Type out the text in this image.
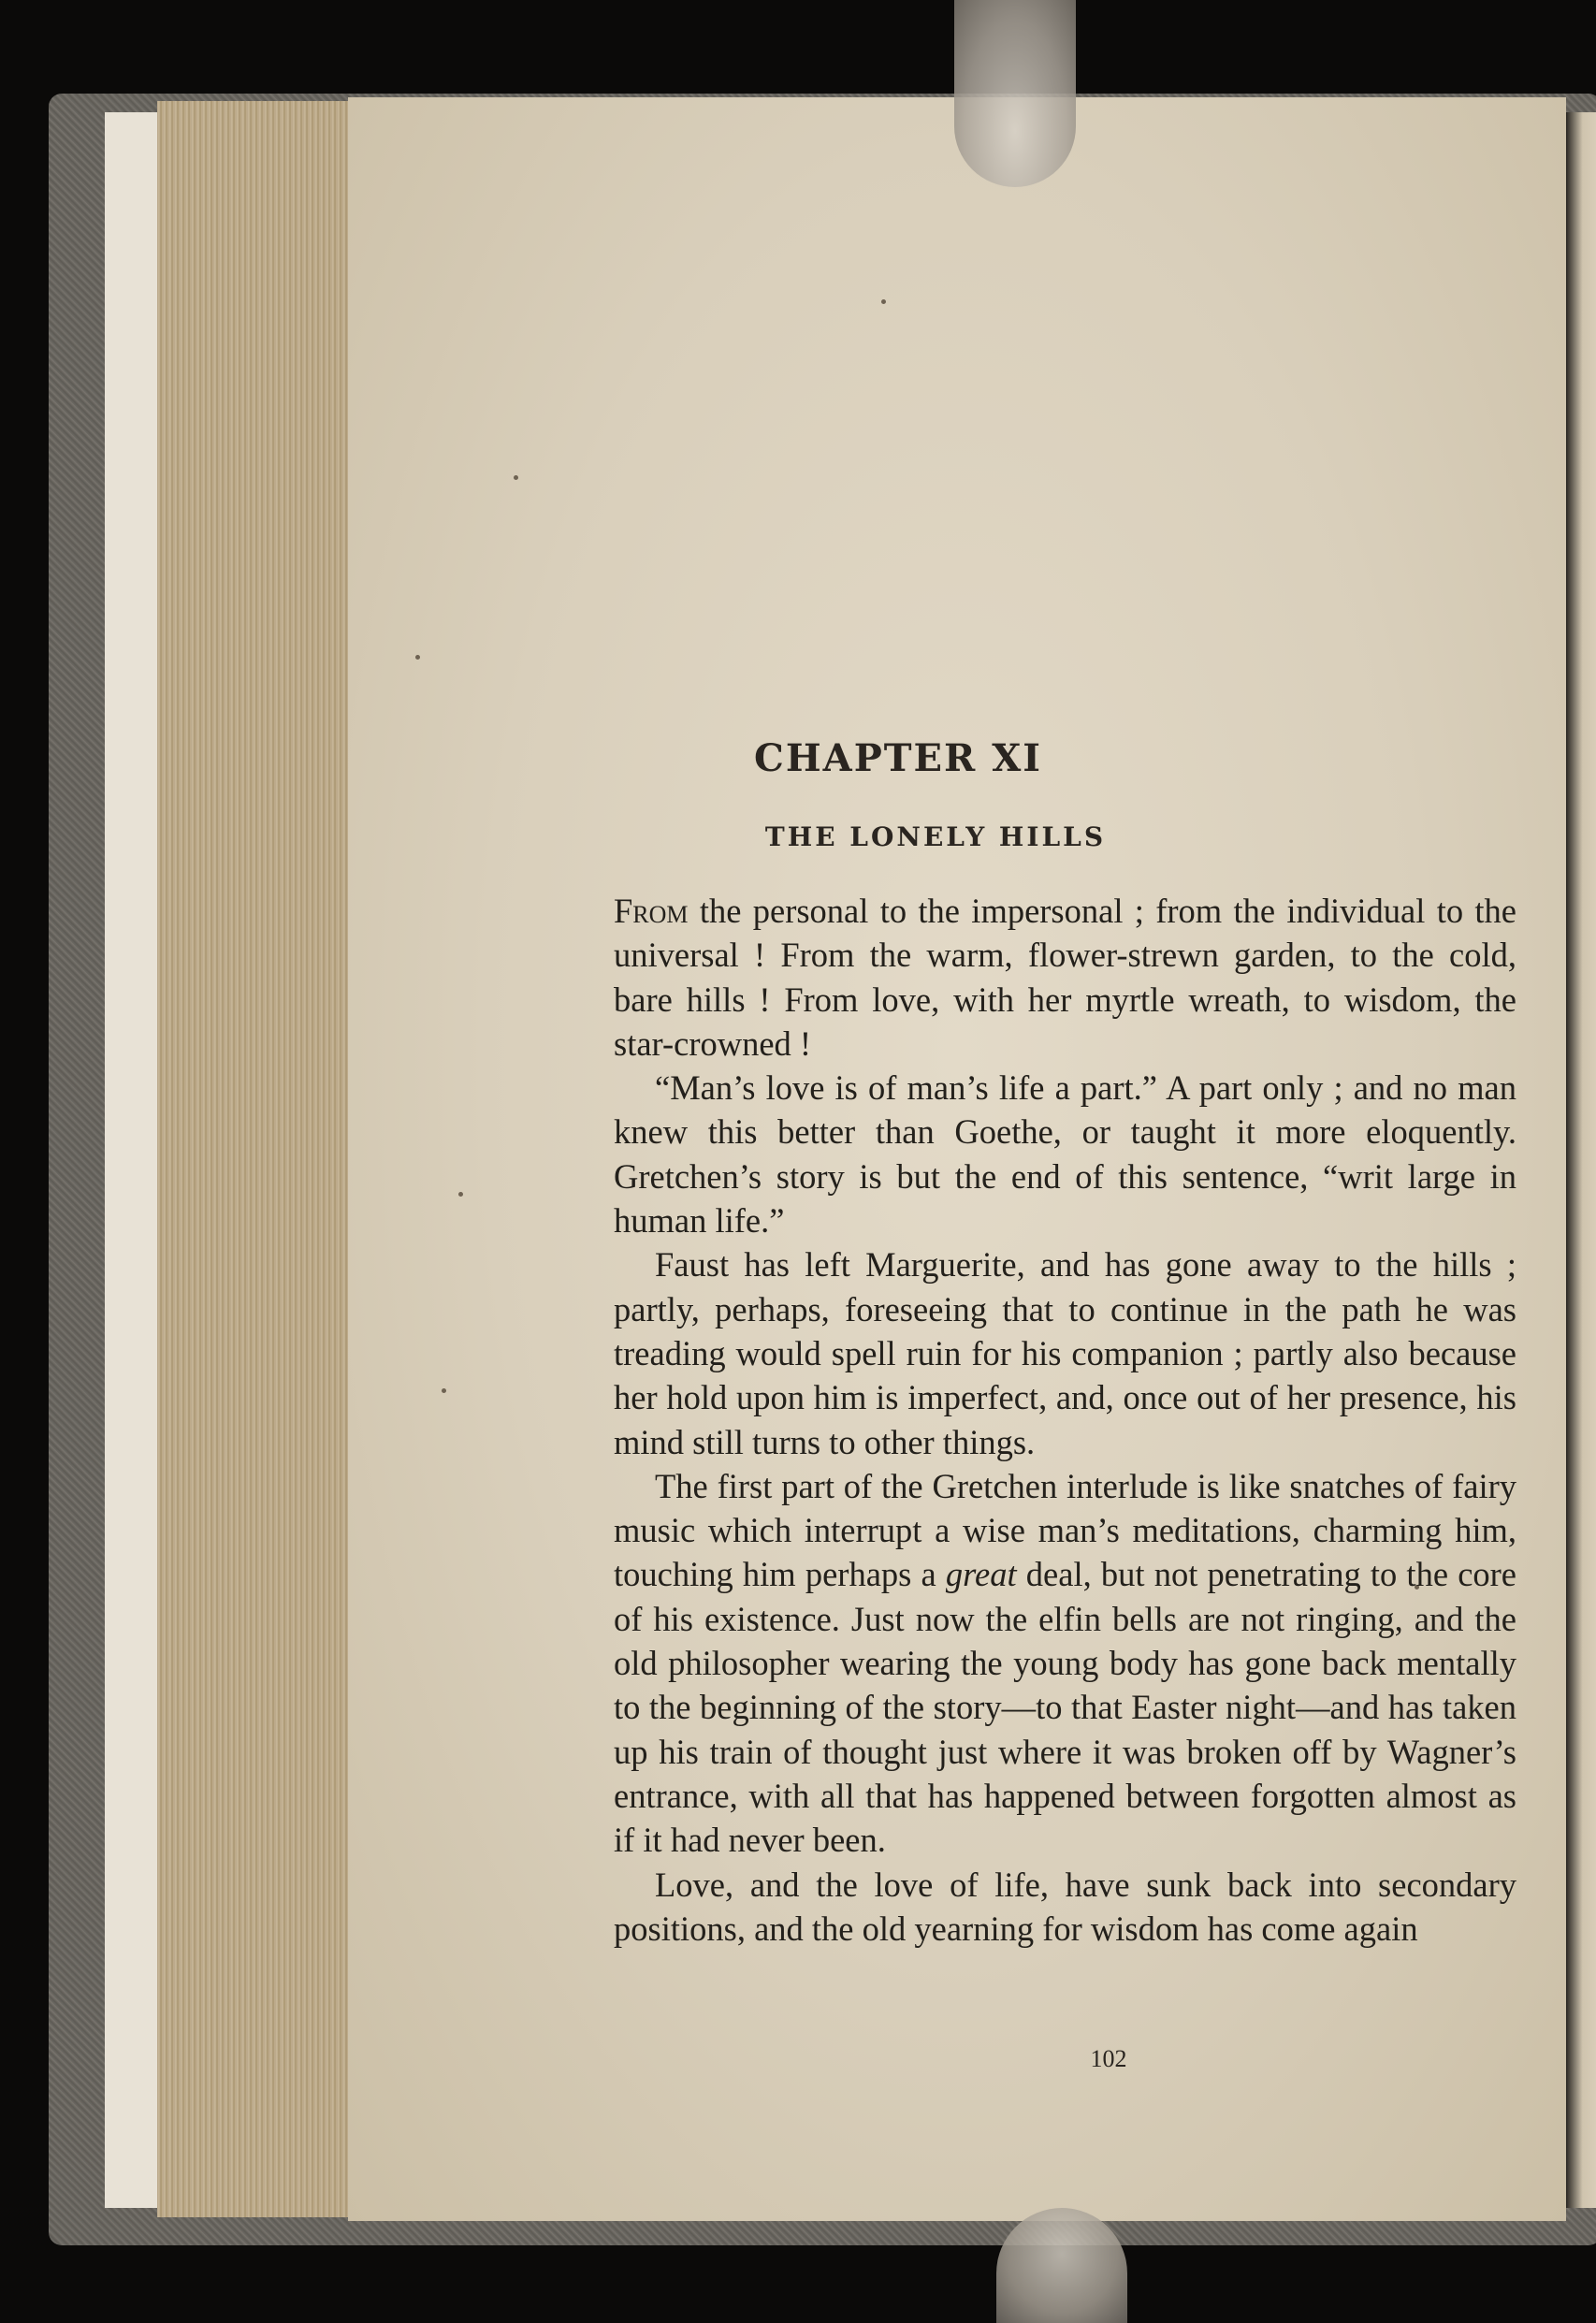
CHAPTER XI
THE LONELY HILLS

From the personal to the impersonal ; from the individual to the universal ! From the warm, flower-strewn garden, to the cold, bare hills ! From love, with her myrtle wreath, to wisdom, the star-crowned !

“Man’s love is of man’s life a part.” A part only ; and no man knew this better than Goethe, or taught it more eloquently. Gretchen’s story is but the end of this sentence, “writ large in human life.”

Faust has left Marguerite, and has gone away to the hills ; partly, perhaps, foreseeing that to continue in the path he was treading would spell ruin for his companion ; partly also because her hold upon him is imperfect, and, once out of her presence, his mind still turns to other things.

The first part of the Gretchen interlude is like snatches of fairy music which interrupt a wise man’s meditations, charming him, touching him perhaps a great deal, but not penetrating to the core of his existence. Just now the elfin bells are not ringing, and the old philosopher wearing the young body has gone back mentally to the beginning of the story—to that Easter night—and has taken up his train of thought just where it was broken off by Wagner’s entrance, with all that has happened between forgotten almost as if it had never been.

Love, and the love of life, have sunk back into secondary positions, and the old yearning for wisdom has come again

102
